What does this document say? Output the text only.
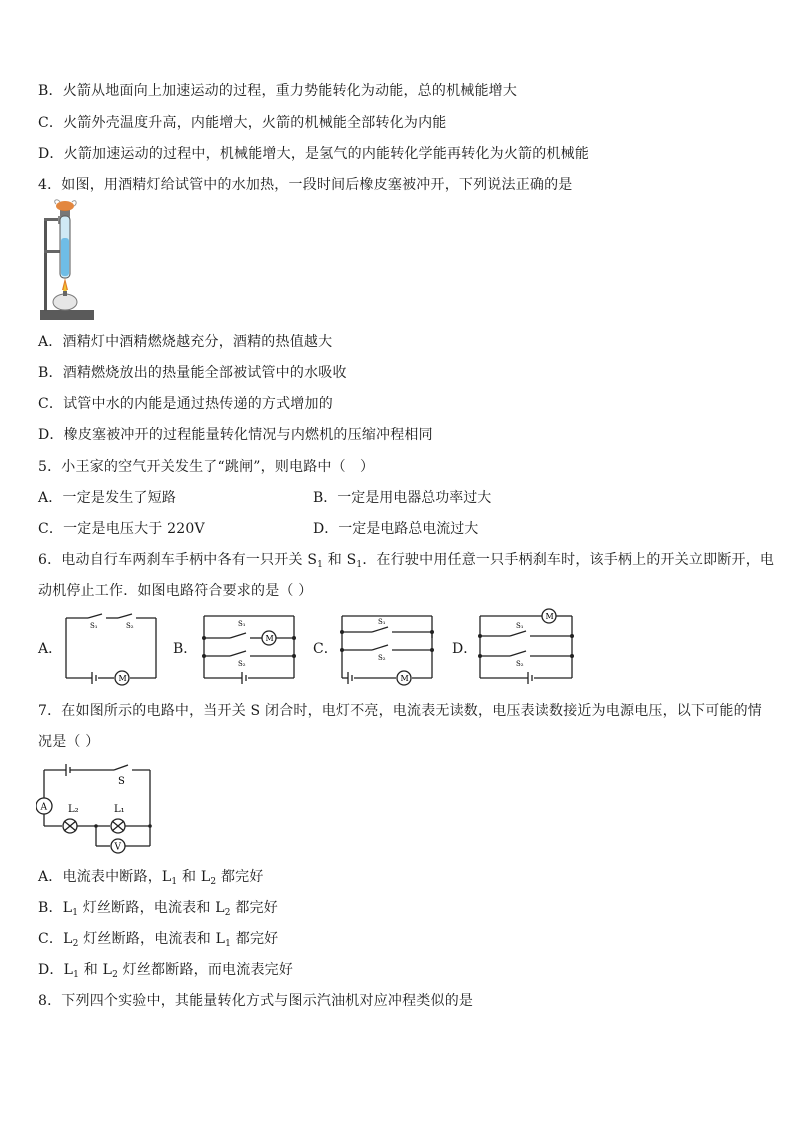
B．火箭从地面向上加速运动的过程，重力势能转化为动能，总的机械能增大
C．火箭外壳温度升高，内能增大，火箭的机械能全部转化为内能
D．火箭加速运动的过程中，机械能增大，是氢气的内能转化学能再转化为火箭的机械能
4．如图，用酒精灯给试管中的水加热，一段时间后橡皮塞被冲开，下列说法正确的是
A．酒精灯中酒精燃烧越充分，酒精的热值越大
B．酒精燃烧放出的热量能全部被试管中的水吸收
C．试管中水的内能是通过热传递的方式增加的
D．橡皮塞被冲开的过程能量转化情况与内燃机的压缩冲程相同
5．小王家的空气开关发生了“跳闸”，则电路中（　）
A．一定是发生了短路	B．一定是用电器总功率过大
C．一定是电压大于 220V	D．一定是电路总电流过大
6．电动自行车两刹车手柄中各有一只开关 $S_1$ 和 $S_1$．在行驶中用任意一只手柄刹车时，该手柄上的开关立即断开，电
动机停止工作．如图电路符合要求的是（ ）
A．
S₁	S₂
M
B．
S₁
S₂
M
C．
S₁
S₂
M
D．
S₁
S₂
M
7．在如图所示的电路中，当开关 S 闭合时，电灯不亮，电流表无读数，电压表读数接近为电源电压，以下可能的情
况是（ ）
S
A
V
L₂	L₁
A．电流表中断路，$L_1$ 和 $L_2$ 都完好
B．$L_1$ 灯丝断路，电流表和 $L_2$ 都完好
C．$L_2$ 灯丝断路，电流表和 $L_1$ 都完好
D．$L_1$ 和 $L_2$ 灯丝都断路，而电流表完好
8．下列四个实验中，其能量转化方式与图示汽油机对应冲程类似的是
